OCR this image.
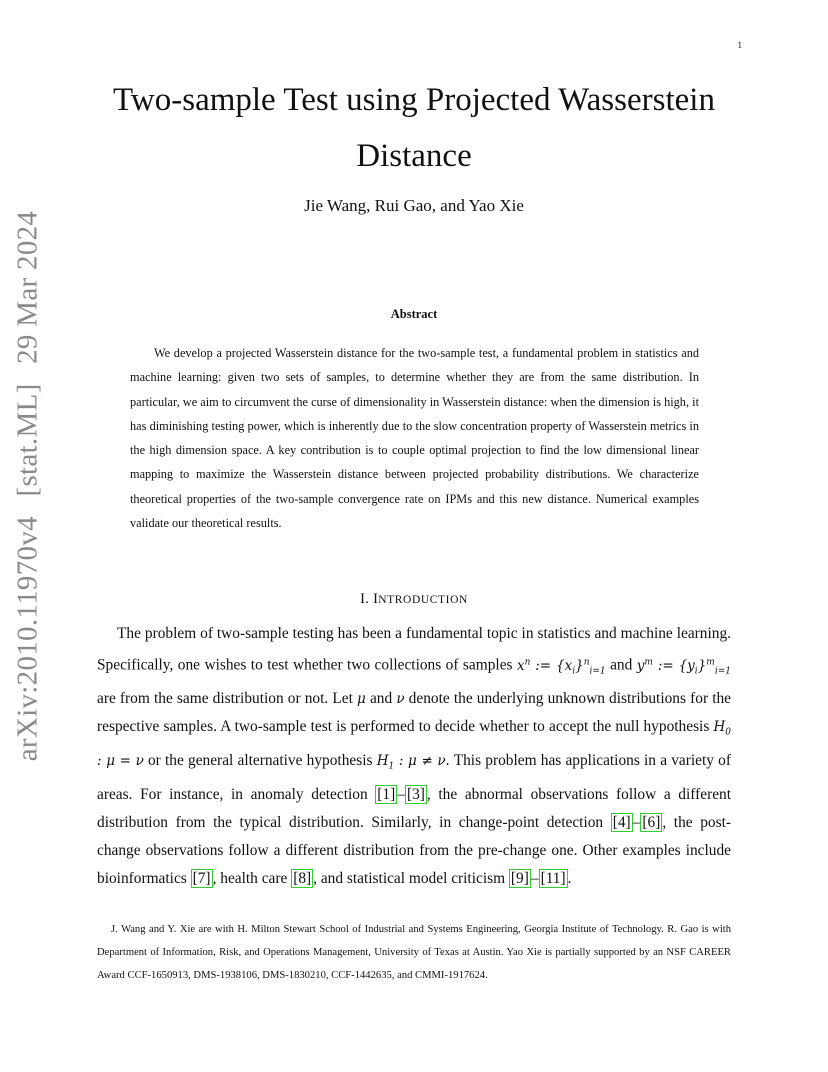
1
arXiv:2010.11970v4 [stat.ML] 29 Mar 2024
Two-sample Test using Projected Wasserstein
Distance
Jie Wang, Rui Gao, and Yao Xie
Abstract

We develop a projected Wasserstein distance for the two-sample test, a fundamental problem in statistics and machine learning: given two sets of samples, to determine whether they are from the same distribution. In particular, we aim to circumvent the curse of dimensionality in Wasserstein distance: when the dimension is high, it has diminishing testing power, which is inherently due to the slow concentration property of Wasserstein metrics in the high dimension space. A key contribution is to couple optimal projection to find the low dimensional linear mapping to maximize the Wasserstein distance between projected probability distributions. We characterize theoretical properties of the two-sample convergence rate on IPMs and this new distance. Numerical examples validate our theoretical results.

I. INTRODUCTION

The problem of two-sample testing has been a fundamental topic in statistics and machine learning. Specifically, one wishes to test whether two collections of samples $x^n$ := $\{x_i\}^n_{i=1}$ and $y^m$ := $\{y_i\}^m_{i=1}$ are from the same distribution or not. Let μ and ν denote the underlying unknown distributions for the respective samples. A two-sample test is performed to decide whether to accept the null hypothesis $H_0$ : μ = ν or the general alternative hypothesis $H_1$ : μ ≠ ν. This problem has applications in a variety of areas. For instance, in anomaly detection [1] – [3] , the abnormal observations follow a different distribution from the typical distribution. Similarly, in change-point detection [4] – [6] , the post-change observations follow a different distribution from the pre-change one. Other examples include bioinformatics [7] , health care [8] , and statistical model criticism [9] – [11] .

J. Wang and Y. Xie are with H. Milton Stewart School of Industrial and Systems Engineering, Georgia Institute of Technology. R. Gao is with Department of Information, Risk, and Operations Management, University of Texas at Austin. Yao Xie is partially supported by an NSF CAREER Award CCF-1650913, DMS-1938106, DMS-1830210, CCF-1442635, and CMMI-1917624.
